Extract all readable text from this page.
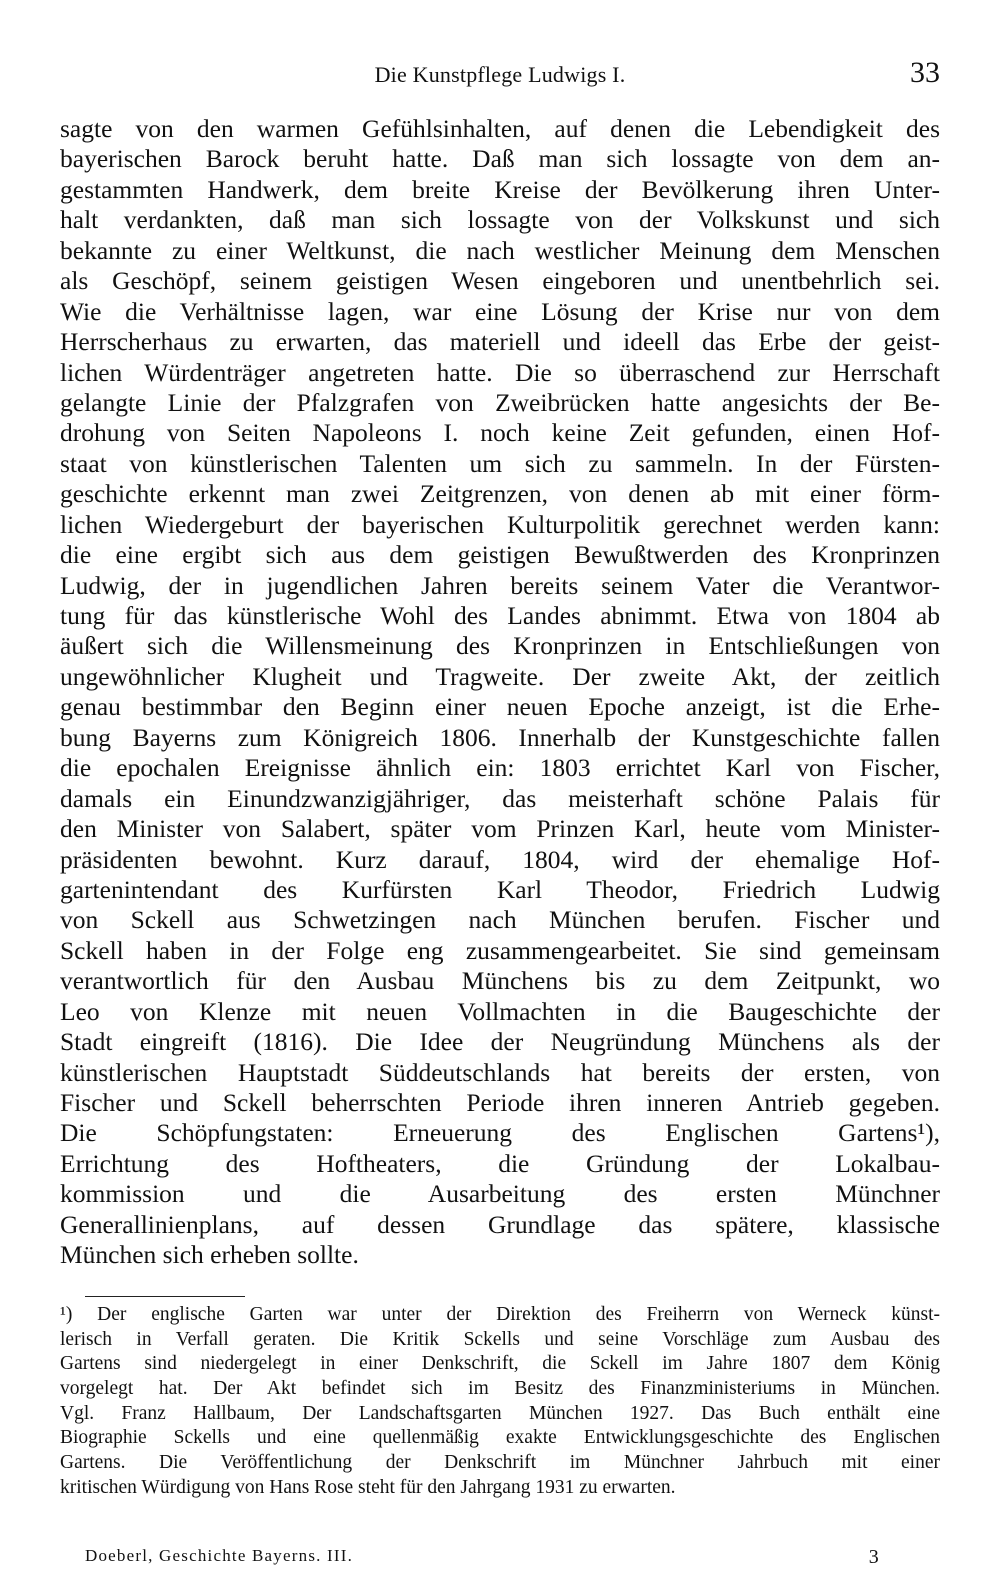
Die Kunstpflege Ludwigs I.	33
sagte von den warmen Gefühlsinhalten, auf denen die Lebendigkeit des
bayerischen Barock beruht hatte. Daß man sich lossagte von dem an-
gestammten Handwerk, dem breite Kreise der Bevölkerung ihren Unter-
halt verdankten, daß man sich lossagte von der Volkskunst und sich
bekannte zu einer Weltkunst, die nach westlicher Meinung dem Menschen
als Geschöpf, seinem geistigen Wesen eingeboren und unentbehrlich sei.
Wie die Verhältnisse lagen, war eine Lösung der Krise nur von dem
Herrscherhaus zu erwarten, das materiell und ideell das Erbe der geist-
lichen Würdenträger angetreten hatte. Die so überraschend zur Herrschaft
gelangte Linie der Pfalzgrafen von Zweibrücken hatte angesichts der Be-
drohung von Seiten Napoleons I. noch keine Zeit gefunden, einen Hof-
staat von künstlerischen Talenten um sich zu sammeln. In der Fürsten-
geschichte erkennt man zwei Zeitgrenzen, von denen ab mit einer förm-
lichen Wiedergeburt der bayerischen Kulturpolitik gerechnet werden kann:
die eine ergibt sich aus dem geistigen Bewußtwerden des Kronprinzen
Ludwig, der in jugendlichen Jahren bereits seinem Vater die Verantwor-
tung für das künstlerische Wohl des Landes abnimmt. Etwa von 1804 ab
äußert sich die Willensmeinung des Kronprinzen in Entschließungen von
ungewöhnlicher Klugheit und Tragweite. Der zweite Akt, der zeitlich
genau bestimmbar den Beginn einer neuen Epoche anzeigt, ist die Erhe-
bung Bayerns zum Königreich 1806. Innerhalb der Kunstgeschichte fallen
die epochalen Ereignisse ähnlich ein: 1803 errichtet Karl von Fischer,
damals ein Einundzwanzigjähriger, das meisterhaft schöne Palais für
den Minister von Salabert, später vom Prinzen Karl, heute vom Minister-
präsidenten bewohnt. Kurz darauf, 1804, wird der ehemalige Hof-
gartenintendant des Kurfürsten Karl Theodor, Friedrich Ludwig
von Sckell aus Schwetzingen nach München berufen. Fischer und
Sckell haben in der Folge eng zusammengearbeitet. Sie sind gemeinsam
verantwortlich für den Ausbau Münchens bis zu dem Zeitpunkt, wo
Leo von Klenze mit neuen Vollmachten in die Baugeschichte der
Stadt eingreift (1816). Die Idee der Neugründung Münchens als der
künstlerischen Hauptstadt Süddeutschlands hat bereits der ersten, von
Fischer und Sckell beherrschten Periode ihren inneren Antrieb gegeben.
Die Schöpfungstaten: Erneuerung des Englischen Gartens¹),
Errichtung des Hoftheaters, die Gründung der Lokalbau-
kommission und die Ausarbeitung des ersten Münchner
Generallinienplans, auf dessen Grundlage das spätere, klassische
München sich erheben sollte.
¹) Der englische Garten war unter der Direktion des Freiherrn von Werneck künst-
lerisch in Verfall geraten. Die Kritik Sckells und seine Vorschläge zum Ausbau des
Gartens sind niedergelegt in einer Denkschrift, die Sckell im Jahre 1807 dem König
vorgelegt hat. Der Akt befindet sich im Besitz des Finanzministeriums in München.
Vgl. Franz Hallbaum, Der Landschaftsgarten München 1927. Das Buch enthält eine
Biographie Sckells und eine quellenmäßig exakte Entwicklungsgeschichte des Englischen
Gartens. Die Veröffentlichung der Denkschrift im Münchner Jahrbuch mit einer
kritischen Würdigung von Hans Rose steht für den Jahrgang 1931 zu erwarten.
Doeberl, Geschichte Bayerns. III.	3
